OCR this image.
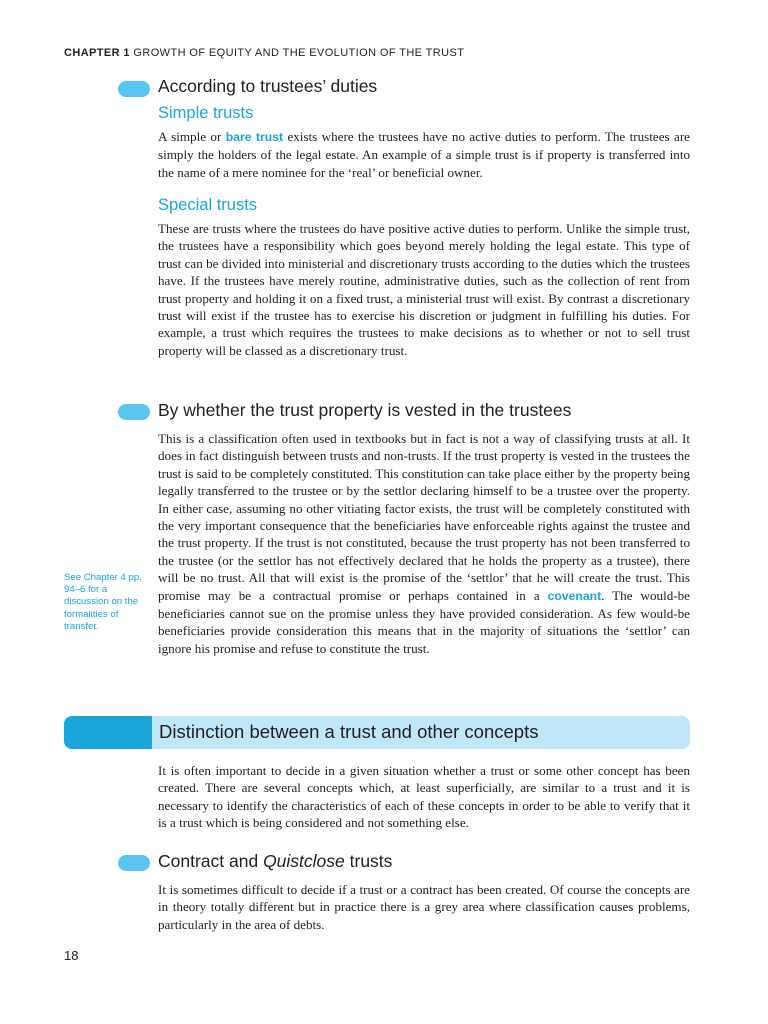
CHAPTER 1 GROWTH OF EQUITY AND THE EVOLUTION OF THE TRUST
According to trustees’ duties
Simple trusts

A simple or bare trust exists where the trustees have no active duties to perform. The trustees are simply the holders of the legal estate. An example of a simple trust is if property is transferred into the name of a mere nominee for the ‘real’ or beneficial owner.

Special trusts

These are trusts where the trustees do have positive active duties to perform. Unlike the simple trust, the trustees have a responsibility which goes beyond merely holding the legal estate. This type of trust can be divided into ministerial and discretionary trusts according to the duties which the trustees have. If the trustees have merely routine, administrative duties, such as the collection of rent from trust property and holding it on a fixed trust, a ministerial trust will exist. By contrast a discretionary trust will exist if the trustee has to exercise his discretion or judgment in fulfilling his duties. For example, a trust which requires the trustees to make decisions as to whether or not to sell trust property will be classed as a discretionary trust.

By whether the trust property is vested in the trustees
See Chapter 4 pp. 94–6 for a discussion on the formalities of transfer.

This is a classification often used in textbooks but in fact is not a way of classifying trusts at all. It does in fact distinguish between trusts and non-trusts. If the trust property is vested in the trustees the trust is said to be completely constituted. This constitution can take place either by the property being legally transferred to the trustee or by the settlor declaring himself to be a trustee over the property. In either case, assuming no other vitiating factor exists, the trust will be completely constituted with the very important consequence that the beneficiaries have enforceable rights against the trustee and the trust property. If the trust is not constituted, because the trust property has not been transferred to the trustee (or the settlor has not effectively declared that he holds the property as a trustee), there will be no trust. All that will exist is the promise of the ‘settlor’ that he will create the trust. This promise may be a contractual promise or perhaps contained in a covenant. The would-be beneficiaries cannot sue on the promise unless they have provided consideration. As few would-be beneficiaries provide consideration this means that in the majority of situations the ‘settlor’ can ignore his promise and refuse to constitute the trust.

Distinction between a trust and other concepts

It is often important to decide in a given situation whether a trust or some other concept has been created. There are several concepts which, at least superficially, are similar to a trust and it is necessary to identify the characteristics of each of these concepts in order to be able to verify that it is a trust which is being considered and not something else.

Contract and Quistclose trusts

It is sometimes difficult to decide if a trust or a contract has been created. Of course the concepts are in theory totally different but in practice there is a grey area where classification causes problems, particularly in the area of debts.

18
